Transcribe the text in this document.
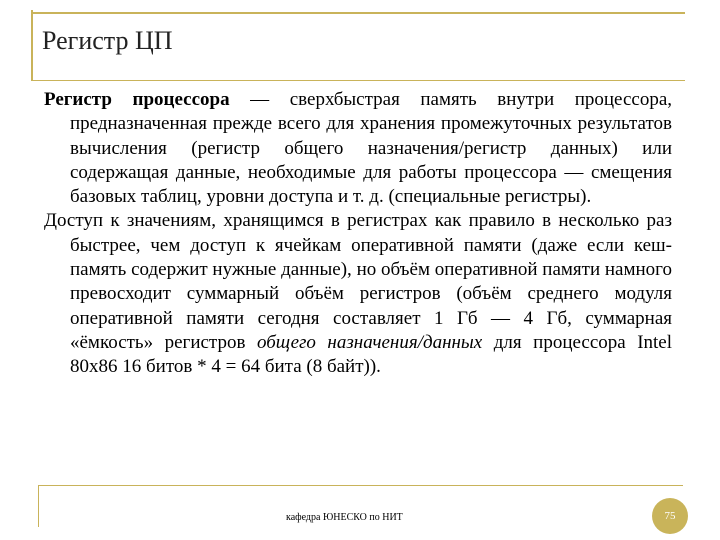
Регистр ЦП

Регистр процессора — сверхбыстрая память внутри процессора, предназначенная прежде всего для хранения промежуточных результатов вычисления (регистр общего назначения/регистр данных) или содержащая данные, необходимые для работы процессора — смещения базовых таблиц, уровни доступа и т. д. (специальные регистры).

Доступ к значениям, хранящимся в регистрах как правило в несколько раз быстрее, чем доступ к ячейкам оперативной памяти (даже если кеш-память содержит нужные данные), но объём оперативной памяти намного превосходит суммарный объём регистров (объём среднего модуля оперативной памяти сегодня составляет 1 Гб — 4 Гб, суммарная «ёмкость» регистров общего назначения/данных для процессора Intel 80x86 16 битов * 4 = 64 бита (8 байт)).

кафедра ЮНЕСКО по НИТ	75
